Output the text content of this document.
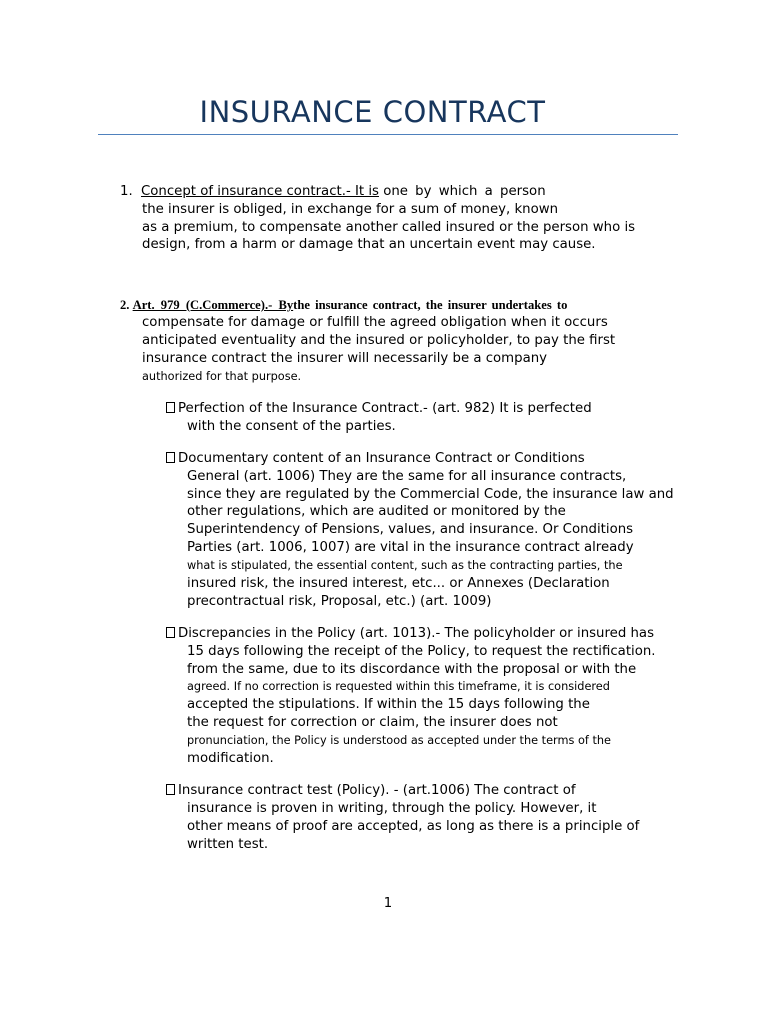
INSURANCE CONTRACT
1. Concept of insurance contract.- It is one by which a person
the insurer is obliged, in exchange for a sum of money, known
as a premium, to compensate another called insured or the person who is
design, from a harm or damage that an uncertain event may cause.
2. Art. 979 (C.Commerce).- Bythe insurance contract, the insurer undertakes to
compensate for damage or fulfill the agreed obligation when it occurs
anticipated eventuality and the insured or policyholder, to pay the first
insurance contract the insurer will necessarily be a company
authorized for that purpose.
Perfection of the Insurance Contract.- (art. 982) It is perfected
with the consent of the parties.
Documentary content of an Insurance Contract or Conditions
General (art. 1006) They are the same for all insurance contracts,
since they are regulated by the Commercial Code, the insurance law and
other regulations, which are audited or monitored by the
Superintendency of Pensions, values, and insurance. Or Conditions
Parties (art. 1006, 1007) are vital in the insurance contract already
what is stipulated, the essential content, such as the contracting parties, the
insured risk, the insured interest, etc... or Annexes (Declaration
precontractual risk, Proposal, etc.) (art. 1009)
Discrepancies in the Policy (art. 1013).- The policyholder or insured has
15 days following the receipt of the Policy, to request the rectification.
from the same, due to its discordance with the proposal or with the
agreed. If no correction is requested within this timeframe, it is considered
accepted the stipulations. If within the 15 days following the
the request for correction or claim, the insurer does not
pronunciation, the Policy is understood as accepted under the terms of the
modification.
Insurance contract test (Policy). - (art.1006) The contract of
insurance is proven in writing, through the policy. However, it
other means of proof are accepted, as long as there is a principle of
written test.
1
